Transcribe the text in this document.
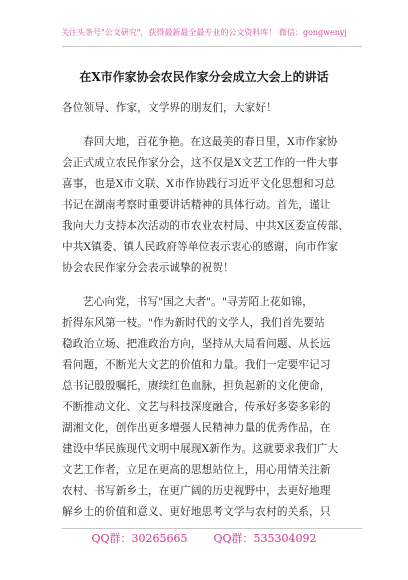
关注头条号"公文研究"，获得最新最全最专业的公文资料库！ 微信：gongwenyj
在X市作家协会农民作家分会成立大会上的讲话
各位领导、作家，文学界的朋友们，大家好！
春回大地，百花争艳。在这最美的春日里，X市作家协
会正式成立农民作家分会，这不仅是X文艺工作的一件大事
喜事，也是X市文联、X市作协践行习近平文化思想和习总
书记在湖南考察时重要讲话精神的具体行动。首先，谨让
我向大力支持本次活动的市农业农村局、中共X区委宣传部、
中共X镇委、镇人民政府等单位表示衷心的感谢，向市作家
协会农民作家分会表示诚挚的祝贺！
艺心向党，书写"国之大者"。"寻芳陌上花如锦，
折得东风第一枝。"作为新时代的文学人，我们首先要站
稳政治立场、把准政治方向，坚持从大局看问题、从长远
看问题，不断光大文艺的价值和力量。我们一定要牢记习
总书记殷殷嘱托，赓续红色血脉，担负起新的文化使命，
不断推动文化、文艺与科技深度融合，传承好多姿多彩的
湖湘文化，创作出更多增强人民精神力量的优秀作品，在
建设中华民族现代文明中展现X新作为。这就要求我们广大
文艺工作者，立足在更高的思想站位上，用心用情关注新
农村、书写新乡土，在更广阔的历史视野中，去更好地理
解乡土的价值和意义、更好地思考文学与农村的关系，只
QQ群：30265665 QQ群：535304092
